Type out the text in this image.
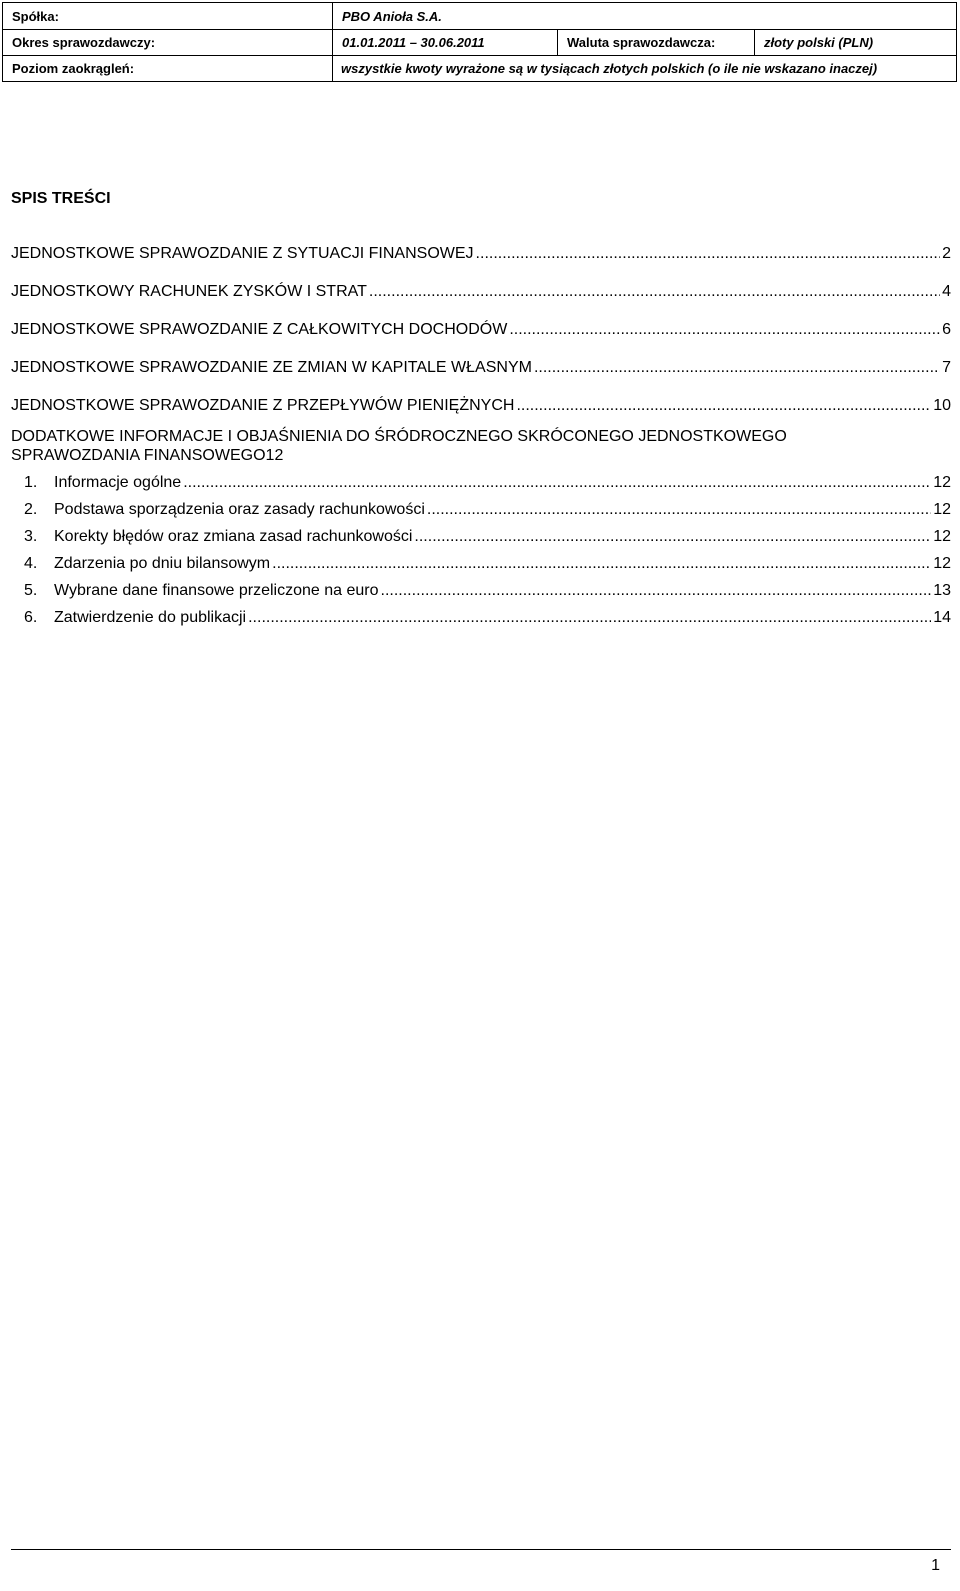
Spółka:	PBO Anioła S.A.
Okres sprawozdawczy:	01.01.2011 – 30.06.2011	Waluta sprawozdawcza:	złoty polski (PLN)
Poziom zaokrągleń:	wszystkie kwoty wyrażone są w tysiącach złotych polskich (o ile nie wskazano inaczej)
SPIS TREŚCI
JEDNOSTKOWE SPRAWOZDANIE Z SYTUACJI FINANSOWEJ .....	2
JEDNOSTKOWY RACHUNEK ZYSKÓW I STRAT .....	4
JEDNOSTKOWE SPRAWOZDANIE Z CAŁKOWITYCH DOCHODÓW .....	6
JEDNOSTKOWE SPRAWOZDANIE ZE ZMIAN W KAPITALE WŁASNYM .....	7
JEDNOSTKOWE SPRAWOZDANIE Z PRZEPŁYWÓW PIENIĘŻNYCH .....	10
DODATKOWE INFORMACJE I OBJAŚNIENIA DO ŚRÓDROCZNEGO SKRÓCONEGO JEDNOSTKOWEGO
SPRAWOZDANIA FINANSOWEGO 12
1.	Informacje ogólne .....	12
2.	Podstawa sporządzenia oraz zasady rachunkowości .....	12
3.	Korekty błędów oraz zmiana zasad rachunkowości .....	12
4.	Zdarzenia po dniu bilansowym .....	12
5.	Wybrane dane finansowe przeliczone na euro .....	13
6.	Zatwierdzenie do publikacji .....	14
1
